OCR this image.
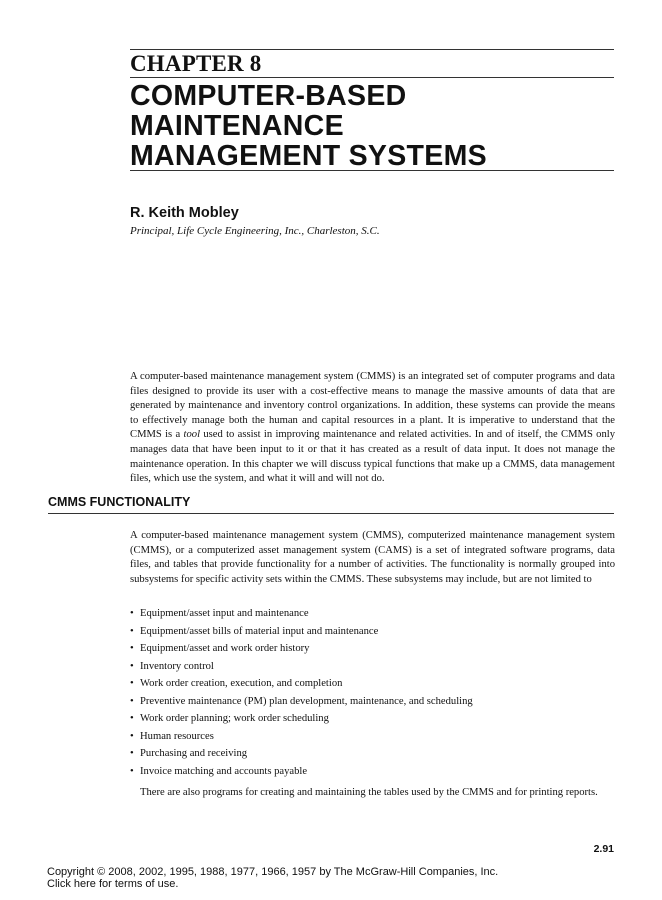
CHAPTER 8
COMPUTER-BASED
MAINTENANCE
MANAGEMENT SYSTEMS
R. Keith Mobley
Principal, Life Cycle Engineering, Inc., Charleston, S.C.
A computer-based maintenance management system (CMMS) is an integrated set of computer programs and data files designed to provide its user with a cost-effective means to manage the massive amounts of data that are generated by maintenance and inventory control organizations. In addition, these systems can provide the means to effectively manage both the human and capital resources in a plant. It is imperative to understand that the CMMS is a tool used to assist in improving maintenance and related activities. In and of itself, the CMMS only manages data that have been input to it or that it has created as a result of data input. It does not manage the maintenance operation. In this chapter we will discuss typical functions that make up a CMMS, data management files, which use the system, and what it will and will not do.
CMMS FUNCTIONALITY
A computer-based maintenance management system (CMMS), computerized maintenance management system (CMMS), or a computerized asset management system (CAMS) is a set of integrated software programs, data files, and tables that provide functionality for a number of activities. The functionality is normally grouped into subsystems for specific activity sets within the CMMS. These subsystems may include, but are not limited to
• Equipment/asset input and maintenance
• Equipment/asset bills of material input and maintenance
• Equipment/asset and work order history
• Inventory control
• Work order creation, execution, and completion
• Preventive maintenance (PM) plan development, maintenance, and scheduling
• Work order planning; work order scheduling
• Human resources
• Purchasing and receiving
• Invoice matching and accounts payable
There are also programs for creating and maintaining the tables used by the CMMS and for printing reports.
2.91
Copyright © 2008, 2002, 1995, 1988, 1977, 1966, 1957 by The McGraw-Hill Companies, Inc.
Click here for terms of use.
